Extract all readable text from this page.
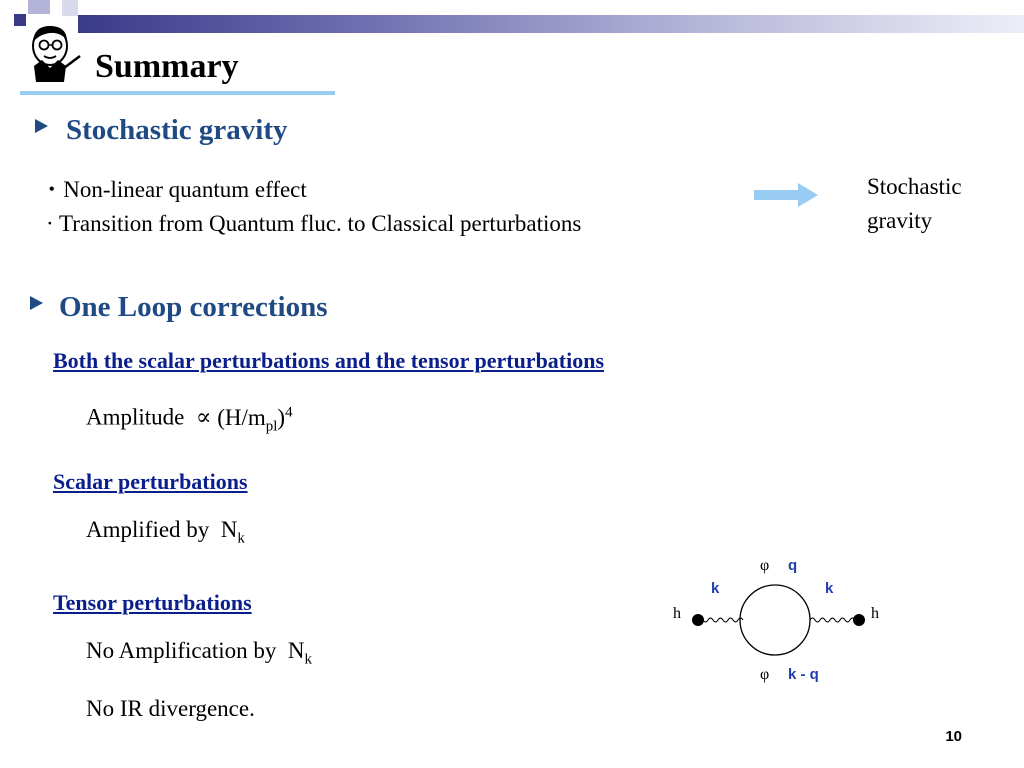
Summary
Stochastic gravity
･ Non-linear quantum effect
· Transition from Quantum fluc. to Classical perturbations
Stochastic
gravity
One Loop corrections
Both the scalar perturbations and the tensor perturbations
Amplitude ∝ $(H/m_{pl})^4$
Scalar perturbations
Amplified by $N_k$
Tensor perturbations
No Amplification by $N_k$
No IR divergence.
h	h
φ q
φ k - q
k	k
10
